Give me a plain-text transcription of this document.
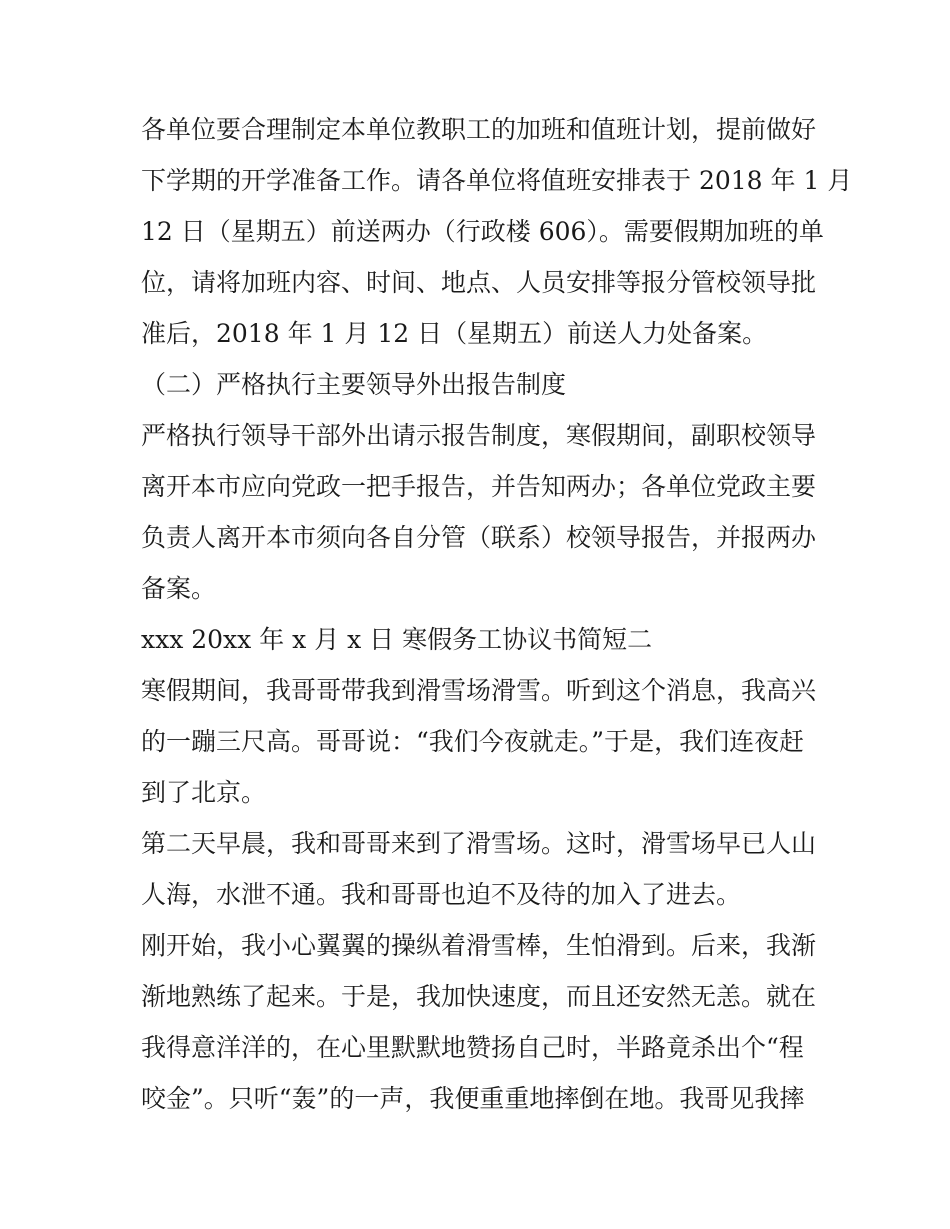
各单位要合理制定本单位教职工的加班和值班计划，提前做好
下学期的开学准备工作。请各单位将值班安排表于 2018 年 1 月
12 日（星期五）前送两办（行政楼 606）。需要假期加班的单
位，请将加班内容、时间、地点、人员安排等报分管校领导批
准后，2018 年 1 月 12 日（星期五）前送人力处备案。
（二）严格执行主要领导外出报告制度
严格执行领导干部外出请示报告制度，寒假期间，副职校领导
离开本市应向党政一把手报告，并告知两办；各单位党政主要
负责人离开本市须向各自分管（联系）校领导报告，并报两办
备案。
xxx 20xx 年 x 月 x 日 寒假务工协议书简短二
寒假期间，我哥哥带我到滑雪场滑雪。听到这个消息，我高兴
的一蹦三尺高。哥哥说：“我们今夜就走。”于是，我们连夜赶
到了北京。
第二天早晨，我和哥哥来到了滑雪场。这时，滑雪场早已人山
人海，水泄不通。我和哥哥也迫不及待的加入了进去。
刚开始，我小心翼翼的操纵着滑雪棒，生怕滑到。后来，我渐
渐地熟练了起来。于是，我加快速度，而且还安然无恙。就在
我得意洋洋的，在心里默默地赞扬自己时，半路竟杀出个“程
咬金”。只听“轰”的一声，我便重重地摔倒在地。我哥见我摔
